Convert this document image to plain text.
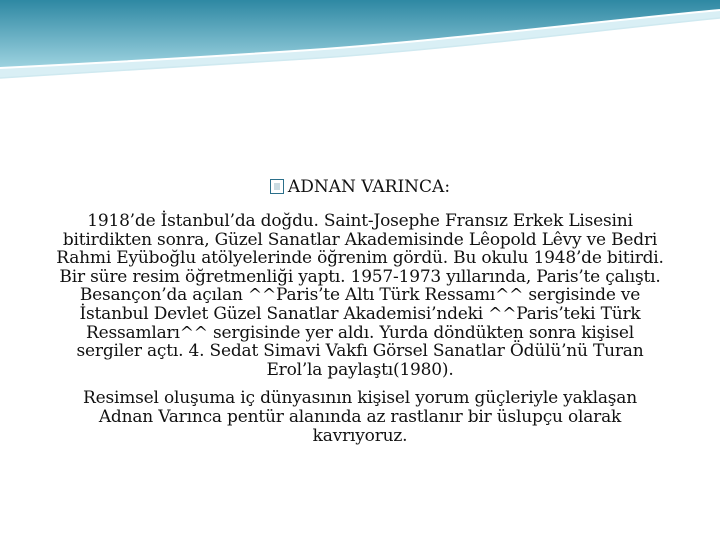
ADNAN VARINCA:
1918’de İstanbul’da doğdu. Saint-Josephe Fransız Erkek Lisesini
bitirdikten sonra, Güzel Sanatlar Akademisinde Lêopold Lêvy ve Bedri
Rahmi Eyüboğlu atölyelerinde öğrenim gördü. Bu okulu 1948’de bitirdi.
Bir süre resim öğretmenliği yaptı. 1957-1973 yıllarında, Paris’te çalıştı.
Besançon’da açılan ^^Paris’te Altı Türk Ressamı^^ sergisinde ve
İstanbul Devlet Güzel Sanatlar Akademisi’ndeki ^^Paris’teki Türk
Ressamları^^ sergisinde yer aldı. Yurda döndükten sonra kişisel
sergiler açtı. 4. Sedat Simavi Vakfı Görsel Sanatlar Ödülü’nü Turan
Erol’la paylaştı(1980).
Resimsel oluşuma iç dünyasının kişisel yorum güçleriyle yaklaşan
Adnan Varınca pentür alanında az rastlanır bir üslupçu olarak
kavrıyoruz.
